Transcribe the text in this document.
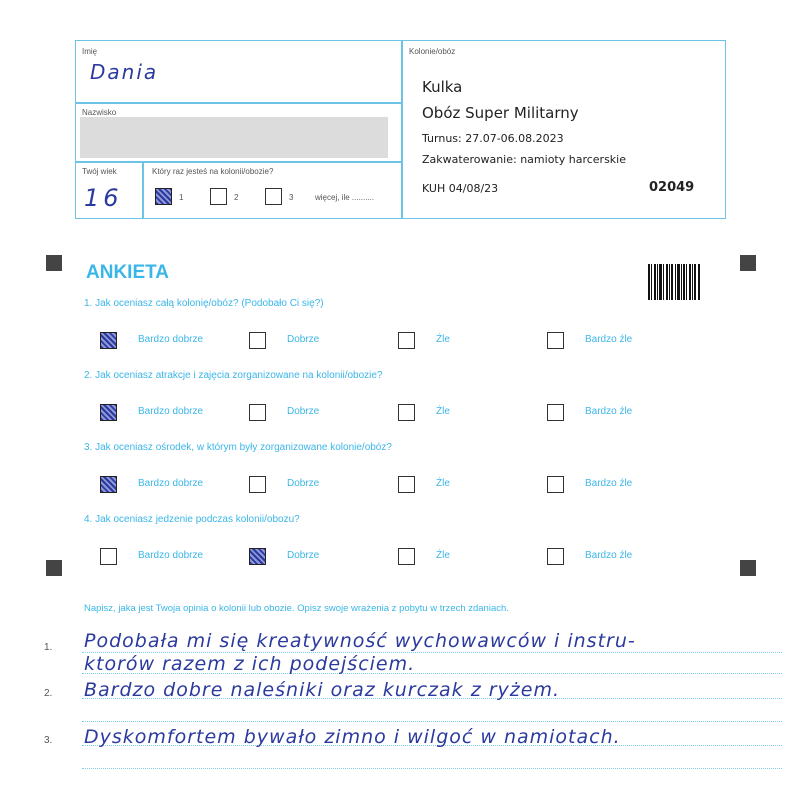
Imię
Dania
Nazwisko
Twój wiek
16
Który raz jesteś na kolonii/obozie?
1	2	3	więcej, ile ..........
Kolonie/obóz
Kulka
Obóz Super Militarny
Turnus: 27.07-06.08.2023
Zakwaterowanie: namioty harcerskie
KUH 04/08/23	02049
ANKIETA
1. Jak oceniasz całą kolonię/obóz? (Podobało Ci się?)
Bardzo dobrze	Dobrze	Źle	Bardzo źle
2. Jak oceniasz atrakcje i zajęcia zorganizowane na kolonii/obozie?
Bardzo dobrze	Dobrze	Źle	Bardzo źle
3. Jak oceniasz ośrodek, w którym były zorganizowane kolonie/obóz?
Bardzo dobrze	Dobrze	Źle	Bardzo źle
4. Jak oceniasz jedzenie podczas kolonii/obozu?
Bardzo dobrze	Dobrze	Źle	Bardzo źle
Napisz, jaka jest Twoja opinia o kolonii lub obozie. Opisz swoje wrażenia z pobytu w trzech zdaniach.
1.
2.
3.
Podobała mi się kreatywność wychowawców i instru-
ktorów razem z ich podejściem.
Bardzo dobre naleśniki oraz kurczak z ryżem.
Dyskomfortem bywało zimno i wilgoć w namiotach.
